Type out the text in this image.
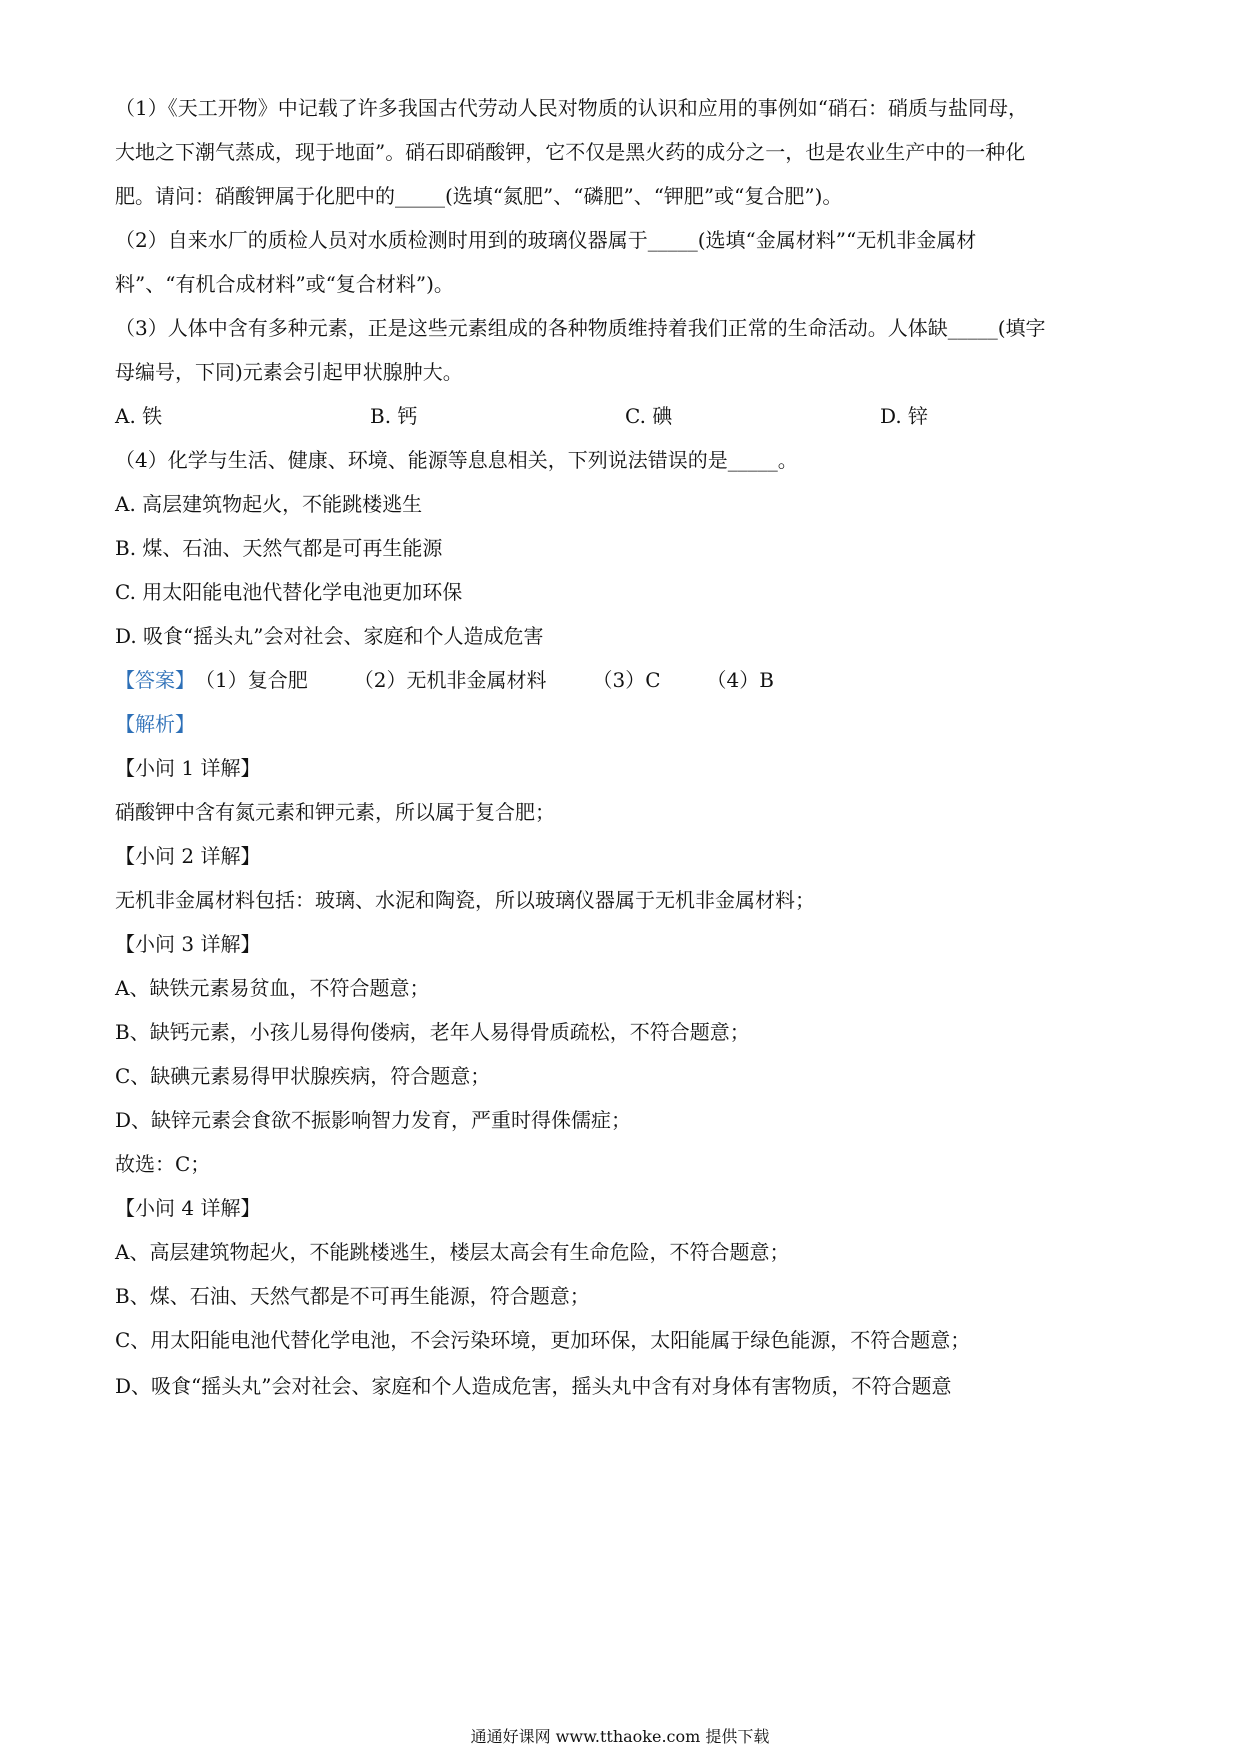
（1）《天工开物》中记载了许多我国古代劳动人民对物质的认识和应用的事例如“硝石：硝质与盐同母，
大地之下潮气蒸成，现于地面”。硝石即硝酸钾，它不仅是黑火药的成分之一，也是农业生产中的一种化
肥。请问：硝酸钾属于化肥中的_____(选填“氮肥”、“磷肥”、“钾肥”或“复合肥”)。
（2）自来水厂的质检人员对水质检测时用到的玻璃仪器属于_____(选填“金属材料”“无机非金属材
料”、“有机合成材料”或“复合材料”)。
（3）人体中含有多种元素，正是这些元素组成的各种物质维持着我们正常的生命活动。人体缺_____(填字
母编号，下同)元素会引起甲状腺肿大。
A. 铁	B. 钙	C. 碘	D. 锌
（4）化学与生活、健康、环境、能源等息息相关，下列说法错误的是_____。
A. 高层建筑物起火，不能跳楼逃生
B. 煤、石油、天然气都是可再生能源
C. 用太阳能电池代替化学电池更加环保
D. 吸食“摇头丸”会对社会、家庭和个人造成危害
【答案】（1）复合肥 （2）无机非金属材料 （3）C （4）B
【解析】
【小问 1 详解】
硝酸钾中含有氮元素和钾元素，所以属于复合肥；
【小问 2 详解】
无机非金属材料包括：玻璃、水泥和陶瓷，所以玻璃仪器属于无机非金属材料；
【小问 3 详解】
A、缺铁元素易贫血，不符合题意；
B、缺钙元素，小孩儿易得佝偻病，老年人易得骨质疏松，不符合题意；
C、缺碘元素易得甲状腺疾病，符合题意；
D、缺锌元素会食欲不振影响智力发育，严重时得侏儒症；
故选：C；
【小问 4 详解】
A、高层建筑物起火，不能跳楼逃生，楼层太高会有生命危险，不符合题意；
B、煤、石油、天然气都是不可再生能源，符合题意；
C、用太阳能电池代替化学电池，不会污染环境，更加环保，太阳能属于绿色能源，不符合题意；
D、吸食“摇头丸”会对社会、家庭和个人造成危害，摇头丸中含有对身体有害物质，不符合题意
通通好课网 www.tthaoke.com 提供下载
